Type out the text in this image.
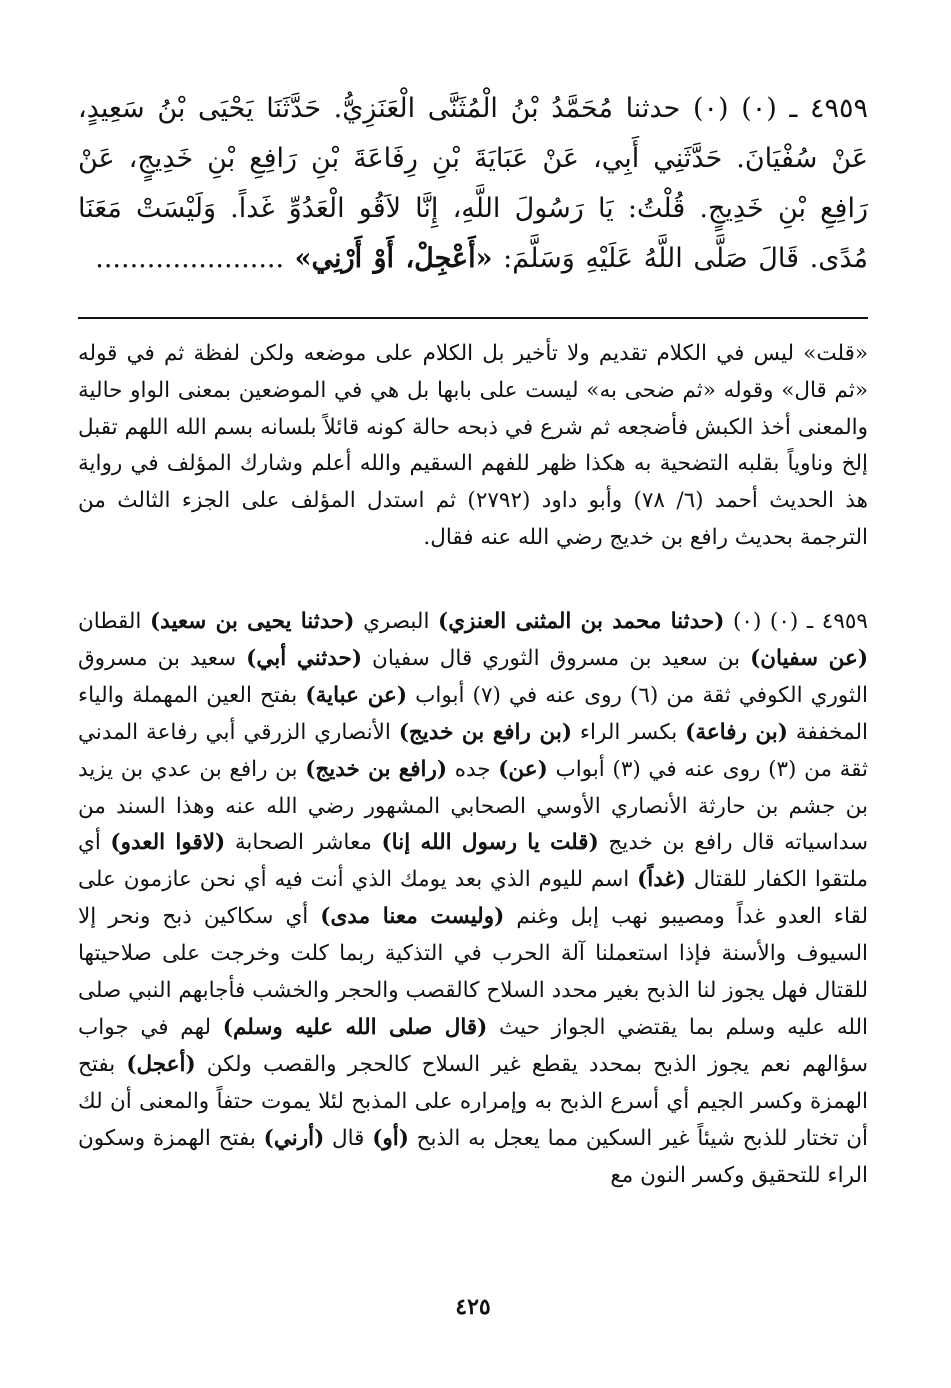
٤٩٥٩ ـ (٠) (٠) حدثنا مُحَمَّدُ بْنُ الْمُثَنَّى الْعَنَزِيُّ. حَدَّثَنَا يَحْيَى بْنُ سَعِيدٍ، عَنْ سُفْيَانَ. حَدَّثَنِي أَبِي، عَنْ عَبَايَةَ بْنِ رِفَاعَةَ بْنِ رَافِعِ بْنِ خَدِيجٍ، عَنْ رَافِعِ بْنِ خَدِيجٍ. قُلْتُ: يَا رَسُولَ اللَّهِ، إِنَّا لاَقُو الْعَدُوِّ غَداً. وَلَيْسَتْ مَعَنَا مُدًى. قَالَ صَلَّى اللَّهُ عَلَيْهِ وَسَلَّمَ: «أَعْجِلْ، أَوْ أَرْنِي» ......................

«قلت» ليس في الكلام تقديم ولا تأخير بل الكلام على موضعه ولكن لفظة ثم في قوله «ثم قال» وقوله «ثم ضحى به» ليست على بابها بل هي في الموضعين بمعنى الواو حالية والمعنى أخذ الكبش فأضجعه ثم شرع في ذبحه حالة كونه قائلاً بلسانه بسم الله اللهم تقبل إلخ وناوياً بقلبه التضحية به هكذا ظهر للفهم السقيم والله أعلم وشارك المؤلف في رواية هذ الحديث أحمد (٦/ ٧٨) وأبو داود (٢٧٩٢) ثم استدل المؤلف على الجزء الثالث من الترجمة بحديث رافع بن خديج رضي الله عنه فقال.

٤٩٥٩ ـ (٠) (٠) (حدثنا محمد بن المثنى العنزي) البصري (حدثنا يحيى بن سعيد) القطان (عن سفيان) بن سعيد بن مسروق الثوري قال سفيان (حدثني أبي) سعيد بن مسروق الثوري الكوفي ثقة من (٦) روى عنه في (٧) أبواب (عن عباية) بفتح العين المهملة والياء المخففة (بن رفاعة) بكسر الراء (بن رافع بن خديج) الأنصاري الزرقي أبي رفاعة المدني ثقة من (٣) روى عنه في (٣) أبواب (عن) جده (رافع بن خديج) بن رافع بن عدي بن يزيد بن جشم بن حارثة الأنصاري الأوسي الصحابي المشهور رضي الله عنه وهذا السند من سداسياته قال رافع بن خديج (قلت يا رسول الله إنا) معاشر الصحابة (لاقوا العدو) أي ملتقوا الكفار للقتال (غداً) اسم لليوم الذي بعد يومك الذي أنت فيه أي نحن عازمون على لقاء العدو غداً ومصيبو نهب إبل وغنم (وليست معنا مدى) أي سكاكين ذبح ونحر إلا السيوف والأسنة فإذا استعملنا آلة الحرب في التذكية ربما كلت وخرجت على صلاحيتها للقتال فهل يجوز لنا الذبح بغير محدد السلاح كالقصب والحجر والخشب فأجابهم النبي صلى الله عليه وسلم بما يقتضي الجواز حيث (قال صلى الله عليه وسلم) لهم في جواب سؤالهم نعم يجوز الذبح بمحدد يقطع غير السلاح كالحجر والقصب ولكن (أعجل) بفتح الهمزة وكسر الجيم أي أسرع الذبح به وإمراره على المذبح لئلا يموت حتفاً والمعنى أن لك أن تختار للذبح شيئاً غير السكين مما يعجل به الذبح (أو) قال (أرني) بفتح الهمزة وسكون الراء للتحقيق وكسر النون مع

٤٢٥
